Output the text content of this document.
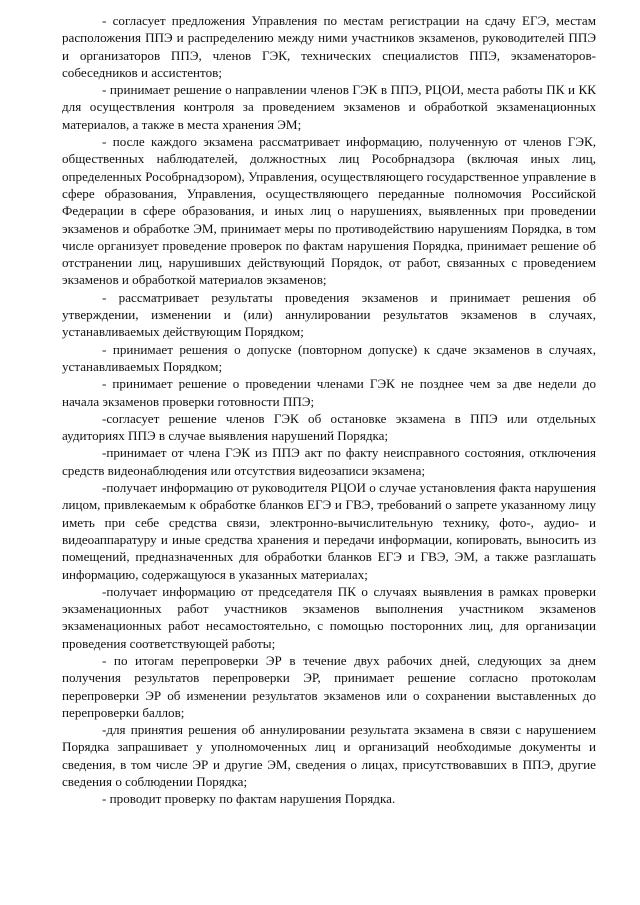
- согласует предложения Управления по местам регистрации на сдачу ЕГЭ, местам расположения ППЭ и распределению между ними участников экзаменов, руководителей ППЭ и организаторов ППЭ, членов ГЭК, технических специалистов ППЭ, экзаменаторов-собеседников и ассистентов;

- принимает решение о направлении членов ГЭК в ППЭ, РЦОИ, места работы ПК и КК для осуществления контроля за проведением экзаменов и обработкой экзаменационных материалов, а также в места хранения ЭМ;

- после каждого экзамена рассматривает информацию, полученную от членов ГЭК, общественных наблюдателей, должностных лиц Рособрнадзора (включая иных лиц, определенных Рособрнадзором), Управления, осуществляющего государственное управление в сфере образования, Управления, осуществляющего переданные полномочия Российской Федерации в сфере образования, и иных лиц о нарушениях, выявленных при проведении экзаменов и обработке ЭМ, принимает меры по противодействию нарушениям Порядка, в том числе организует проведение проверок по фактам нарушения Порядка, принимает решение об отстранении лиц, нарушивших действующий Порядок, от работ, связанных с проведением экзаменов и обработкой материалов экзаменов;

- рассматривает результаты проведения экзаменов и принимает решения об утверждении, изменении и (или) аннулировании результатов экзаменов в случаях, устанавливаемых действующим Порядком;

- принимает решения о допуске (повторном допуске) к сдаче экзаменов в случаях, устанавливаемых Порядком;

- принимает решение о проведении членами ГЭК не позднее чем за две недели до начала экзаменов проверки готовности ППЭ;

-согласует решение членов ГЭК об остановке экзамена в ППЭ или отдельных аудиториях ППЭ в случае выявления нарушений Порядка;

-принимает от члена ГЭК из ППЭ акт по факту неисправного состояния, отключения средств видеонаблюдения или отсутствия видеозаписи экзамена;

-получает информацию от руководителя РЦОИ о случае установления факта нарушения лицом, привлекаемым к обработке бланков ЕГЭ и ГВЭ, требований о запрете указанному лицу иметь при себе средства связи, электронно-вычислительную технику, фото-, аудио- и видеоаппаратуру и иные средства хранения и передачи информации, копировать, выносить из помещений, предназначенных для обработки бланков ЕГЭ и ГВЭ, ЭМ, а также разглашать информацию, содержащуюся в указанных материалах;

-получает информацию от председателя ПК о случаях выявления в рамках проверки экзаменационных работ участников экзаменов выполнения участником экзаменов экзаменационных работ несамостоятельно, с помощью посторонних лиц, для организации проведения соответствующей работы;

- по итогам перепроверки ЭР в течение двух рабочих дней, следующих за днем получения результатов перепроверки ЭР, принимает решение согласно протоколам перепроверки ЭР об изменении результатов экзаменов или о сохранении выставленных до перепроверки баллов;

-для принятия решения об аннулировании результата экзамена в связи с нарушением Порядка запрашивает у уполномоченных лиц и организаций необходимые документы и сведения, в том числе ЭР и другие ЭМ, сведения о лицах, присутствовавших в ППЭ, другие сведения о соблюдении Порядка;

- проводит проверку по фактам нарушения Порядка.
